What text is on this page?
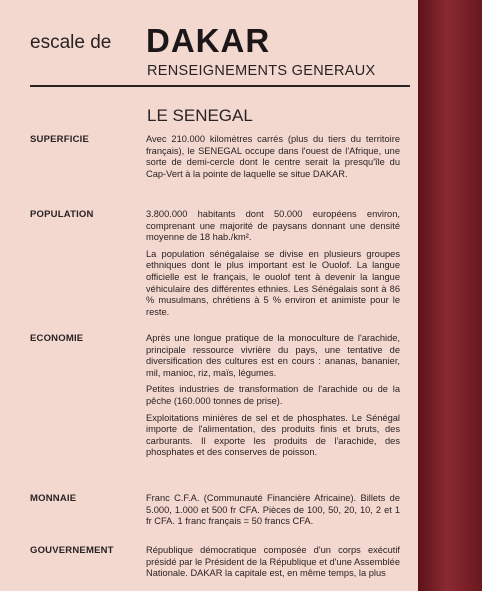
escale de DAKAR
RENSEIGNEMENTS GENERAUX
LE SENEGAL
SUPERFICIE	Avec 210.000 kilomètres carrés (plus du tiers du territoire français), le SENEGAL occupe dans l'ouest de l'Afrique, une sorte de demi-cercle dont le centre serait la presqu'île du Cap-Vert à la pointe de laquelle se situe DAKAR.

POPULATION	3.800.000 habitants dont 50.000 européens environ, comprenant une majorité de paysans donnant une densité moyenne de 18 hab./km².

La population sénégalaise se divise en plusieurs groupes ethniques dont le plus important est le Ouolof. La langue officielle est le français, le ouolof tent à devenir la langue véhiculaire des différentes ethnies. Les Sénégalais sont à 86 % musulmans, chrétiens à 5 % environ et animiste pour le reste.

ECONOMIE	Après une longue pratique de la monoculture de l'arachide, principale ressource vivrière du pays, une tentative de diversification des cultures est en cours : ananas, bananier, mil, manioc, riz, maïs, légumes.

Petites industries de transformation de l'arachide ou de la pêche (160.000 tonnes de prise).

Exploitations minières de sel et de phosphates. Le Sénégal importe de l'alimentation, des produits finis et bruts, des carburants. Il exporte les produits de l'arachide, des phosphates et des conserves de poisson.

MONNAIE	Franc C.F.A. (Communauté Financière Africaine). Billets de 5.000, 1.000 et 500 fr CFA. Pièces de 100, 50, 20, 10, 2 et 1 fr CFA. 1 franc français = 50 francs CFA.

GOUVERNEMENT	République démocratique composée d'un corps exécutif présidé par le Président de la République et d'une Assemblée Nationale. DAKAR la capitale est, en même temps, la plus
